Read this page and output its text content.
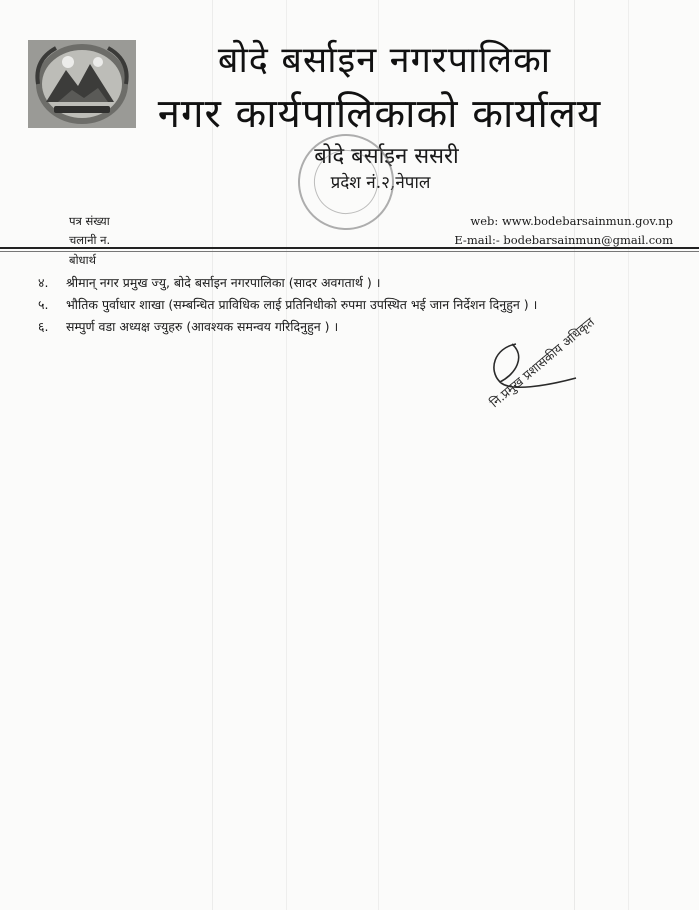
बोदे बर्साइन नगरपालिका
नगर कार्यपालिकाको कार्यालय
बोदे बर्साइन ससरी
प्रदेश नं.२,नेपाल
पत्र संख्या
चलानी न.
web: www.bodebarsainmun.gov.np
E-mail:- bodebarsainmun@gmail.com
बोधार्थ
४. श्रीमान् नगर प्रमुख ज्यु, बोदे बर्साइन नगरपालिका (सादर अवगतार्थ ) ।
५. भौतिक पुर्वाधार शाखा (सम्बन्धित प्राविधिक लाई प्रतिनिधीको रुपमा उपस्थित भई जान निर्देशन दिनुहुन ) ।
६. सम्पुर्ण वडा अध्यक्ष ज्युहरु (आवश्यक समन्वय गरिदिनुहुन ) ।	नि.प्रमुख प्रशासकीय अधिकृत
